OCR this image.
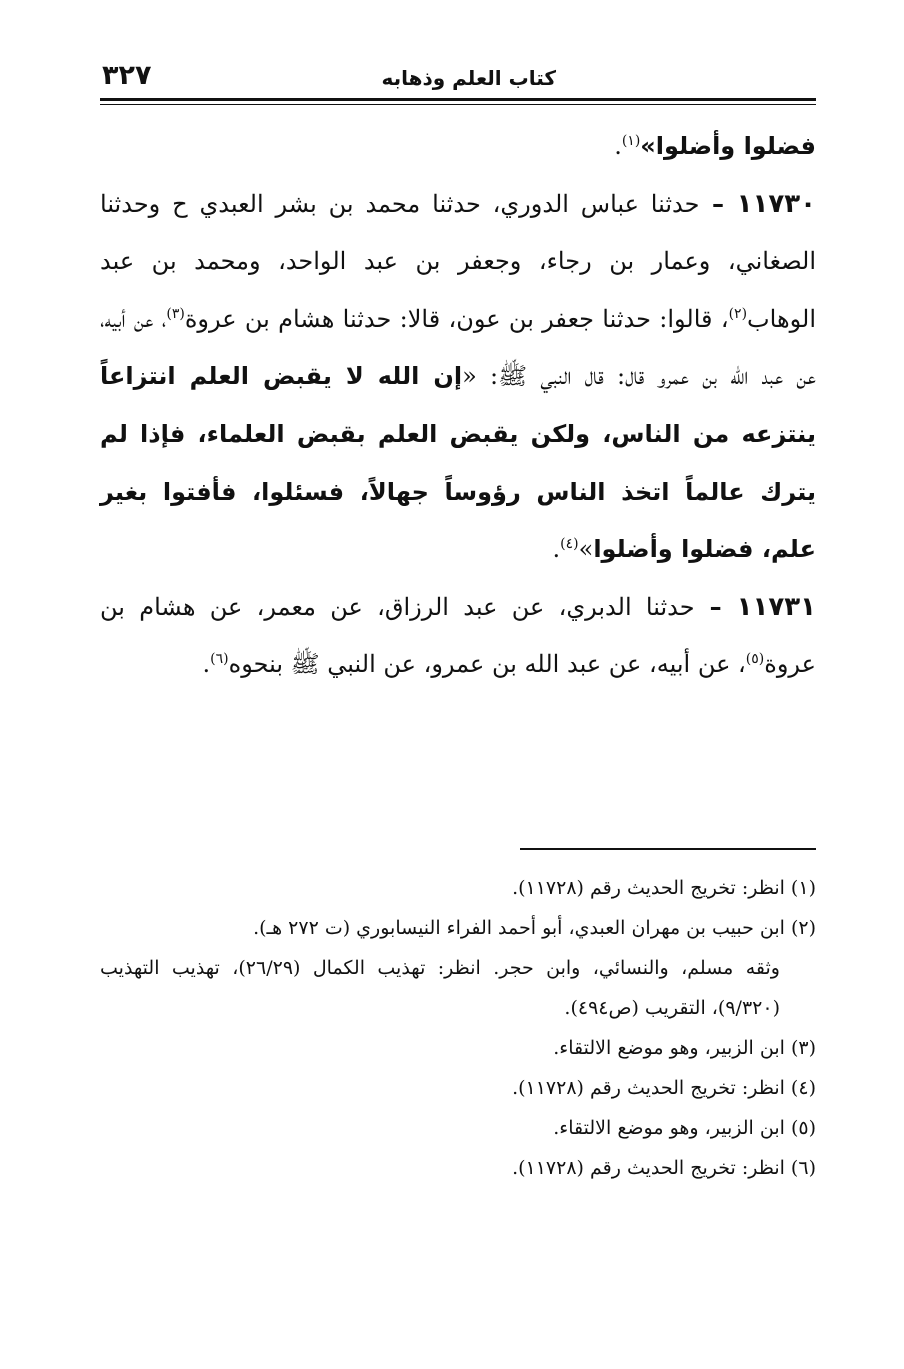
كتاب العلم وذهابه
٣٢٧

فضلوا وأضلوا»$^{(١)}$.

١١٧٣٠ – حدثنا عباس الدوري، حدثنا محمد بن بشر العبدي ح وحدثنا الصغاني، وعمار بن رجاء، وجعفر بن عبد الواحد، ومحمد بن عبد الوهاب$^{(٢)}$، قالوا: حدثنا جعفر بن عون، قالا: حدثنا هشام بن عروة$^{(٣)}$، عن أبيه، عن عبد الله بن عمرو قال: قال النبي ﷺ: «إن الله لا يقبض العلم انتزاعاً ينتزعه من الناس، ولكن يقبض العلم بقبض العلماء، فإذا لم يترك عالماً اتخذ الناس رؤوساً جهالاً، فسئلوا، فأفتوا بغير علم، فضلوا وأضلوا»$^{(٤)}$.

١١٧٣١ – حدثنا الدبري، عن عبد الرزاق، عن معمر، عن هشام بن عروة$^{(٥)}$، عن أبيه، عن عبد الله بن عمرو، عن النبي ﷺ بنحوه$^{(٦)}$.

(١) انظر: تخريج الحديث رقم (١١٧٢٨).
(٢) ابن حبيب بن مهران العبدي، أبو أحمد الفراء النيسابوري (ت ٢٧٢ هـ).
وثقه مسلم، والنسائي، وابن حجر. انظر: تهذيب الكمال (٢٦/٢٩)، تهذيب التهذيب (٩/٣٢٠)، التقريب (ص٤٩٤).
(٣) ابن الزبير، وهو موضع الالتقاء.
(٤) انظر: تخريج الحديث رقم (١١٧٢٨).
(٥) ابن الزبير، وهو موضع الالتقاء.
(٦) انظر: تخريج الحديث رقم (١١٧٢٨).
